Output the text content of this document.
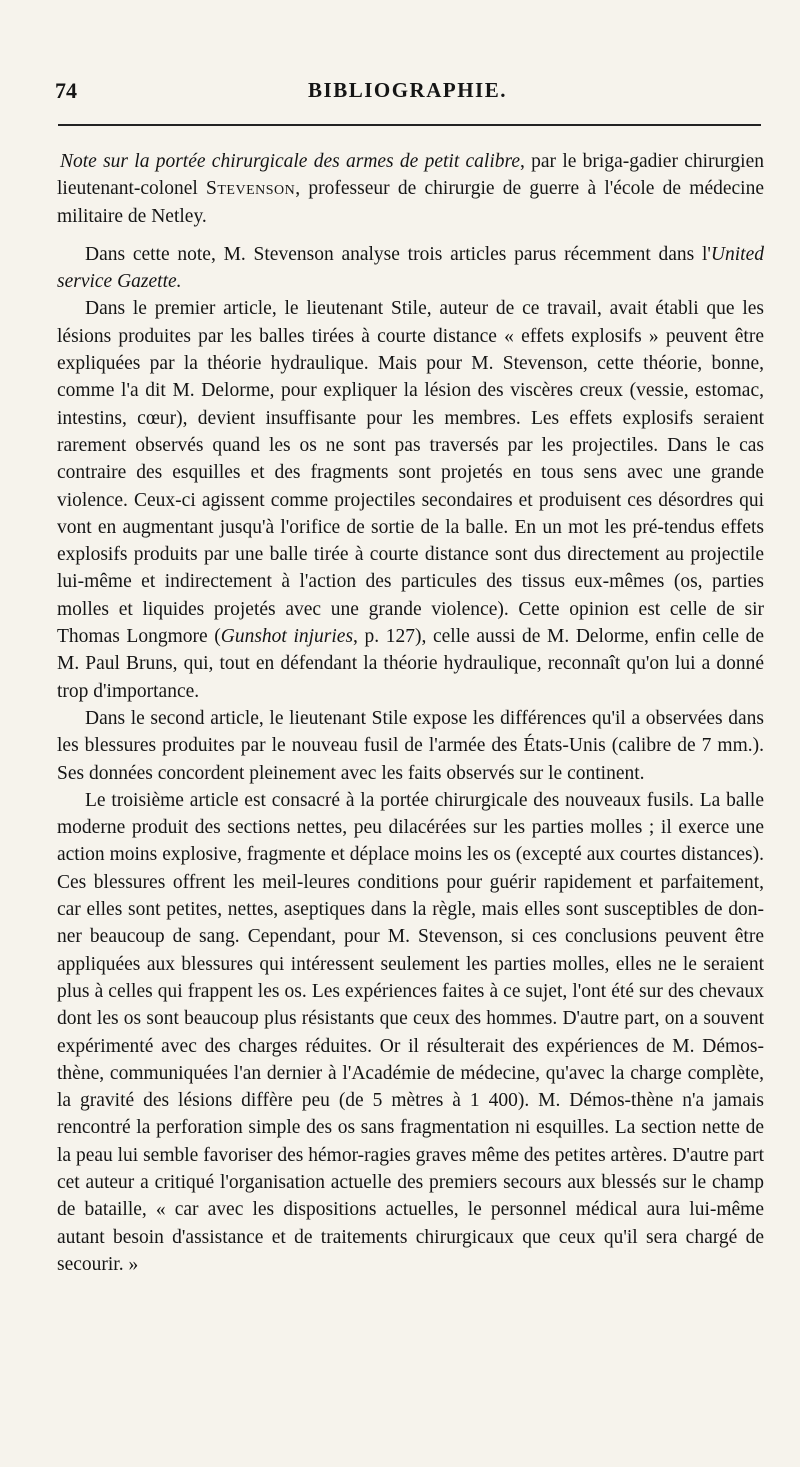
74	BIBLIOGRAPHIE.

Note sur la portée chirurgicale des armes de petit calibre, par le briga-gadier chirurgien lieutenant-colonel Stevenson, professeur de chirurgie de guerre à l'école de médecine militaire de Netley.

Dans cette note, M. Stevenson analyse trois articles parus récemment dans l'United service Gazette.

Dans le premier article, le lieutenant Stile, auteur de ce travail, avait établi que les lésions produites par les balles tirées à courte distance « effets explosifs » peuvent être expliquées par la théorie hydraulique. Mais pour M. Stevenson, cette théorie, bonne, comme l'a dit M. Delorme, pour expliquer la lésion des viscères creux (vessie, estomac, intestins, cœur), devient insuffisante pour les membres. Les effets explosifs seraient rarement observés quand les os ne sont pas traversés par les projectiles. Dans le cas contraire des esquilles et des fragments sont projetés en tous sens avec une grande violence. Ceux-ci agissent comme projectiles secondaires et produisent ces désordres qui vont en augmentant jusqu'à l'orifice de sortie de la balle. En un mot les pré-tendus effets explosifs produits par une balle tirée à courte distance sont dus directement au projectile lui-même et indirectement à l'action des particules des tissus eux-mêmes (os, parties molles et liquides projetés avec une grande violence). Cette opinion est celle de sir Thomas Longmore (Gunshot injuries, p. 127), celle aussi de M. Delorme, enfin celle de M. Paul Bruns, qui, tout en défendant la théorie hydraulique, reconnaît qu'on lui a donné trop d'importance.

Dans le second article, le lieutenant Stile expose les différences qu'il a observées dans les blessures produites par le nouveau fusil de l'armée des États-Unis (calibre de 7 mm.). Ses données concordent pleinement avec les faits observés sur le continent.

Le troisième article est consacré à la portée chirurgicale des nouveaux fusils. La balle moderne produit des sections nettes, peu dilacérées sur les parties molles ; il exerce une action moins explosive, fragmente et déplace moins les os (excepté aux courtes distances). Ces blessures offrent les meil-leures conditions pour guérir rapidement et parfaitement, car elles sont petites, nettes, aseptiques dans la règle, mais elles sont susceptibles de don-ner beaucoup de sang. Cependant, pour M. Stevenson, si ces conclusions peuvent être appliquées aux blessures qui intéressent seulement les parties molles, elles ne le seraient plus à celles qui frappent les os. Les expériences faites à ce sujet, l'ont été sur des chevaux dont les os sont beaucoup plus résistants que ceux des hommes. D'autre part, on a souvent expérimenté avec des charges réduites. Or il résulterait des expériences de M. Démos-thène, communiquées l'an dernier à l'Académie de médecine, qu'avec la charge complète, la gravité des lésions diffère peu (de 5 mètres à 1 400). M. Démos-thène n'a jamais rencontré la perforation simple des os sans fragmentation ni esquilles. La section nette de la peau lui semble favoriser des hémor-ragies graves même des petites artères. D'autre part cet auteur a critiqué l'organisation actuelle des premiers secours aux blessés sur le champ de bataille, « car avec les dispositions actuelles, le personnel médical aura lui-même autant besoin d'assistance et de traitements chirurgicaux que ceux qu'il sera chargé de secourir. »
